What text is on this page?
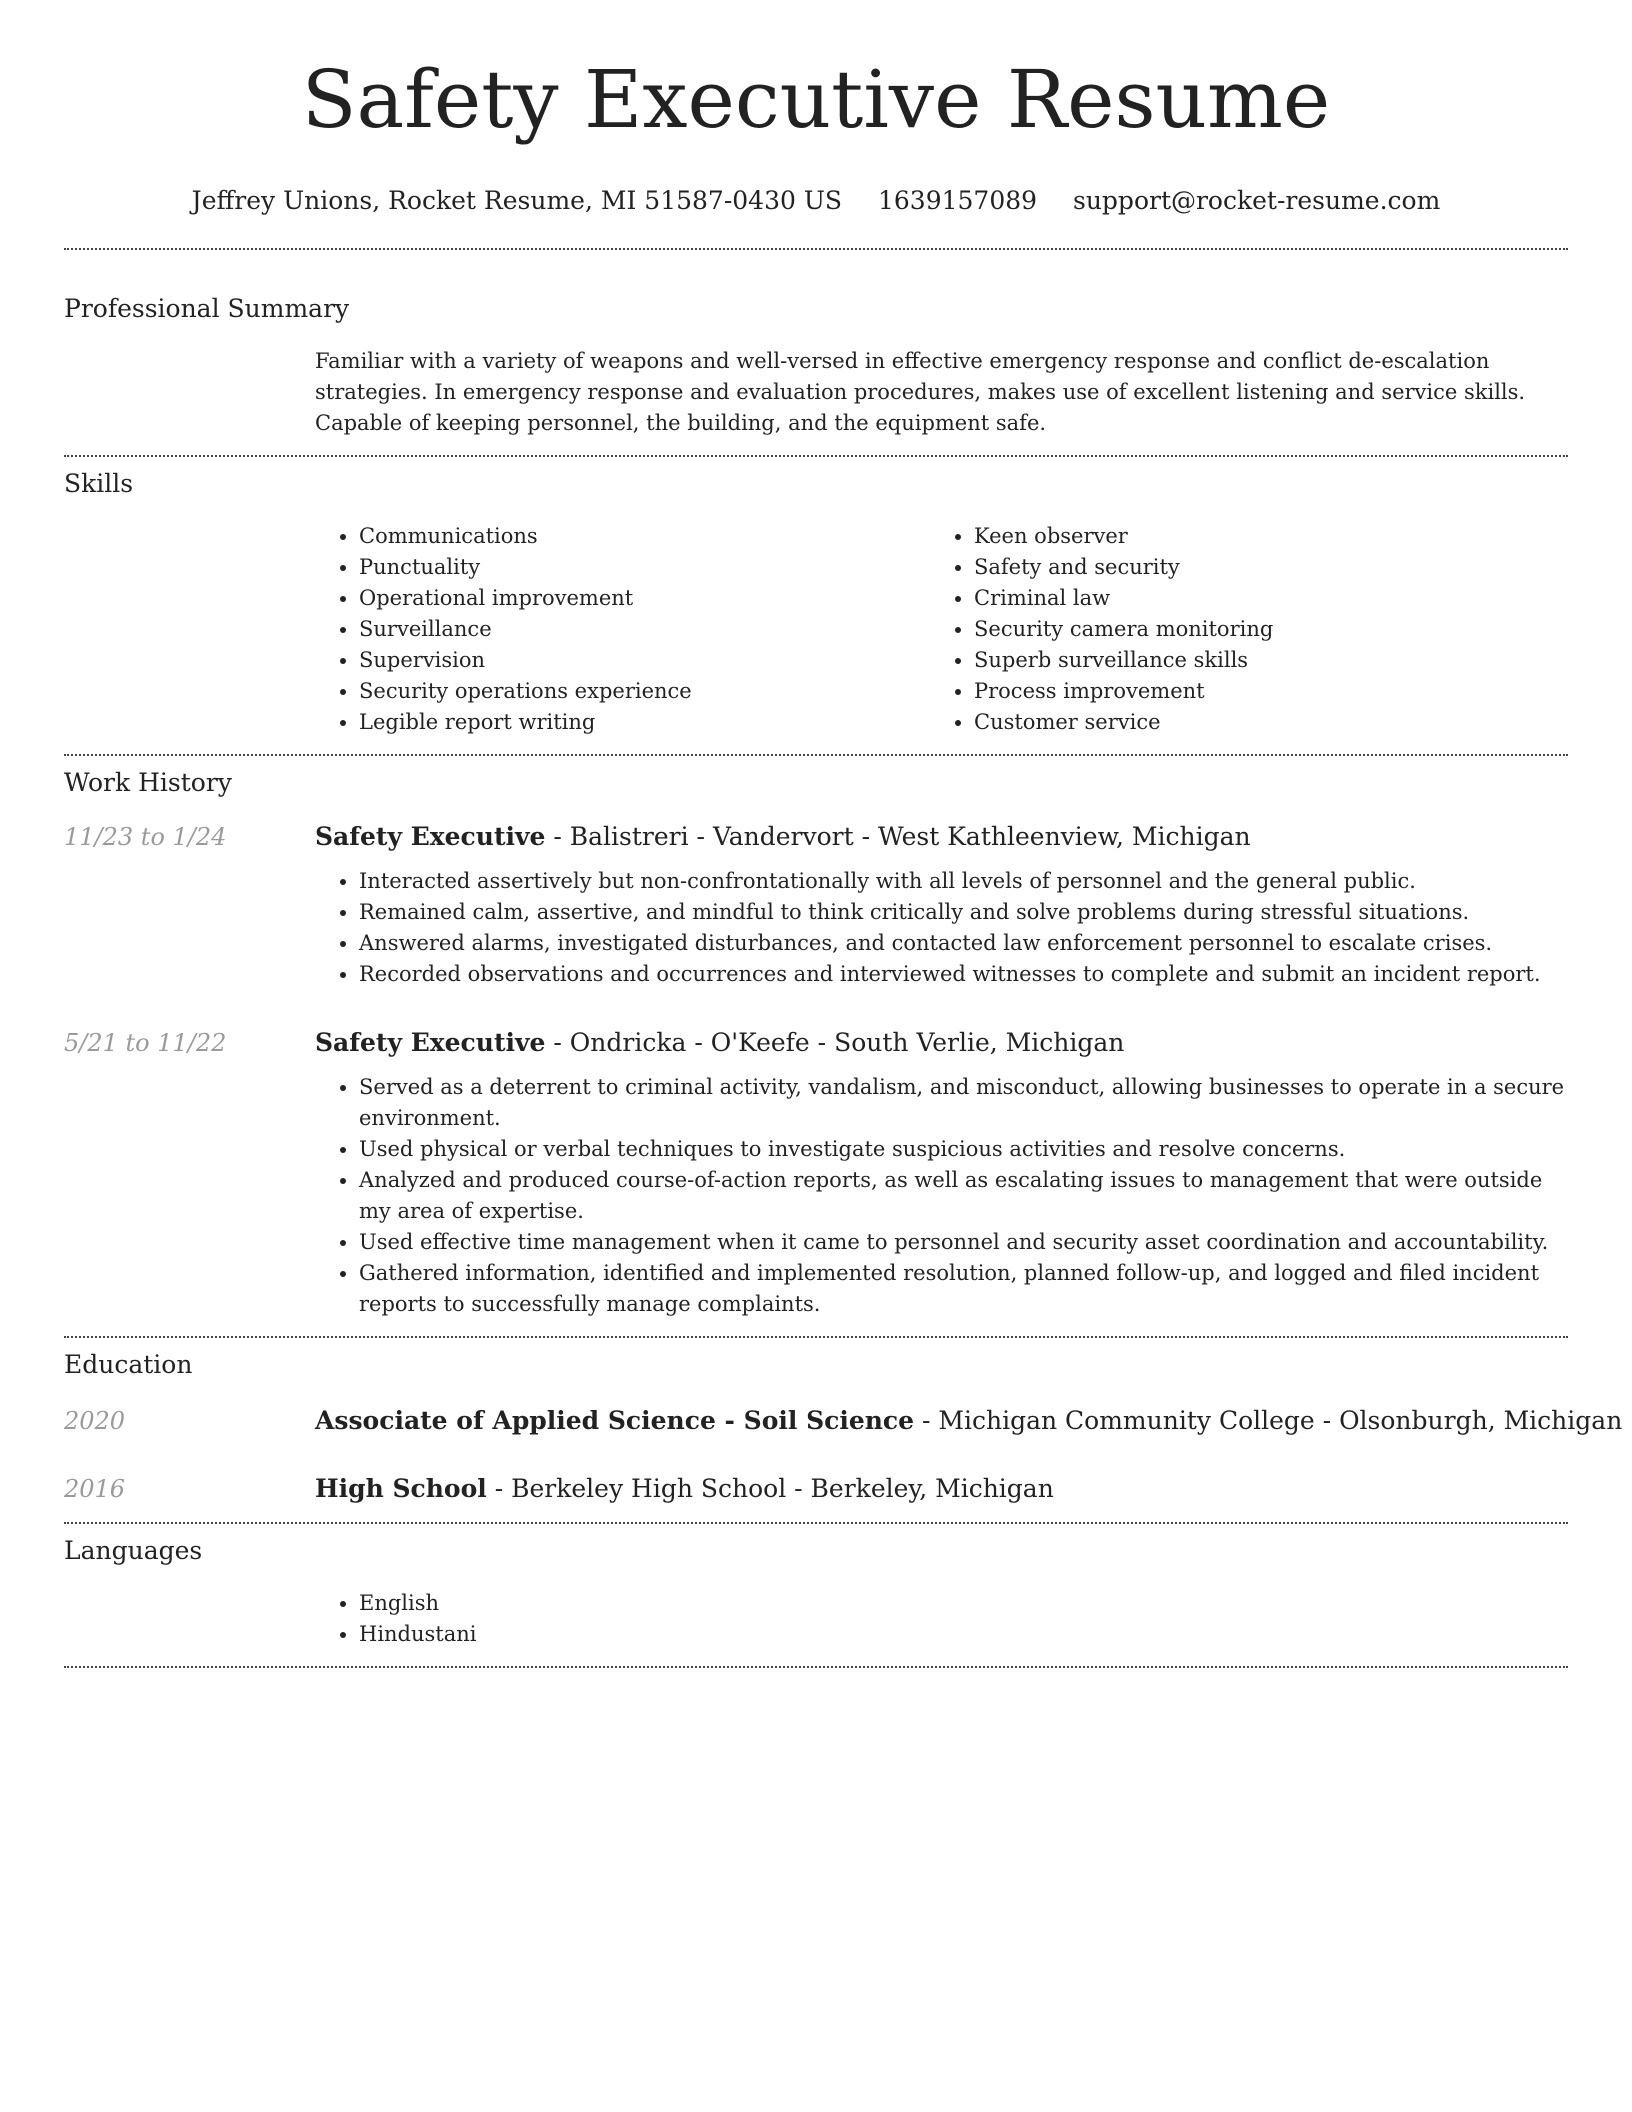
Safety Executive Resume
Jeffrey Unions, Rocket Resume, MI 51587-0430 US 1639157089 support@rocket-resume.com
Professional Summary

Familiar with a variety of weapons and well-versed in effective emergency response and conflict de-escalation strategies. In emergency response and evaluation procedures, makes use of excellent listening and service skills. Capable of keeping personnel, the building, and the equipment safe.

Skills
• Communications
• Punctuality
• Operational improvement
• Surveillance
• Supervision
• Security operations experience
• Legible report writing
• Keen observer
• Safety and security
• Criminal law
• Security camera monitoring
• Superb surveillance skills
• Process improvement
• Customer service
Work History
11/23 to 1/24	Safety Executive - Balistreri - Vandervort - West Kathleenview, Michigan
• Interacted assertively but non-confrontationally with all levels of personnel and the general public.
• Remained calm, assertive, and mindful to think critically and solve problems during stressful situations.
• Answered alarms, investigated disturbances, and contacted law enforcement personnel to escalate crises.
• Recorded observations and occurrences and interviewed witnesses to complete and submit an incident report.
5/21 to 11/22	Safety Executive - Ondricka - O'Keefe - South Verlie, Michigan
• Served as a deterrent to criminal activity, vandalism, and misconduct, allowing businesses to operate in a secure environment.
• Used physical or verbal techniques to investigate suspicious activities and resolve concerns.
• Analyzed and produced course-of-action reports, as well as escalating issues to management that were outside my area of expertise.
• Used effective time management when it came to personnel and security asset coordination and accountability.
• Gathered information, identified and implemented resolution, planned follow-up, and logged and filed incident reports to successfully manage complaints.
Education
2020	Associate of Applied Science - Soil Science - Michigan Community College - Olsonburgh, Michigan
2016	High School - Berkeley High School - Berkeley, Michigan
Languages
• English
• Hindustani
